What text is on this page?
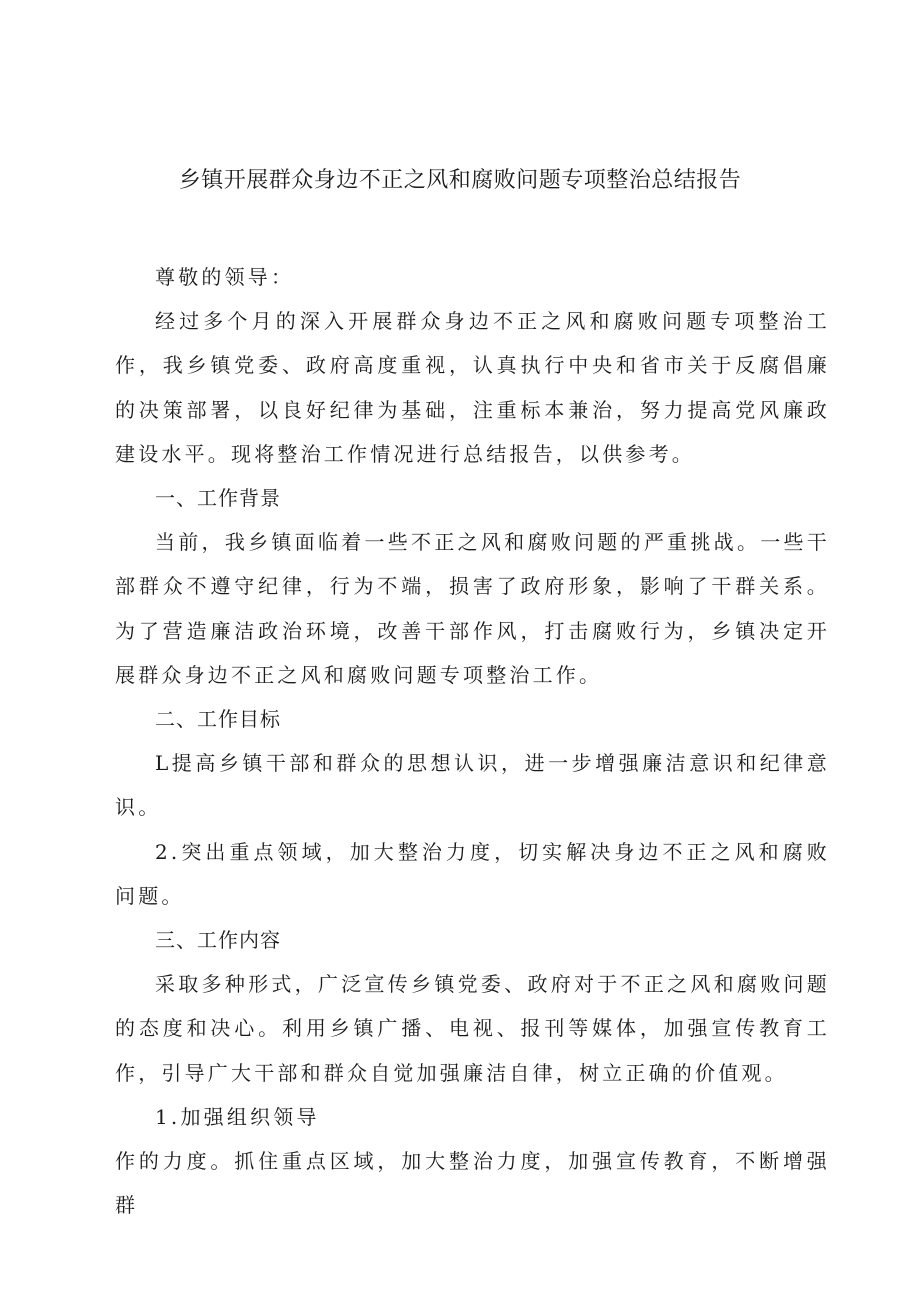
乡镇开展群众身边不正之风和腐败问题专项整治总结报告

尊敬的领导：

经过多个月的深入开展群众身边不正之风和腐败问题专项整治工作，我乡镇党委、政府高度重视，认真执行中央和省市关于反腐倡廉的决策部署，以良好纪律为基础，注重标本兼治，努力提高党风廉政建设水平。现将整治工作情况进行总结报告，以供参考。

一、工作背景

当前，我乡镇面临着一些不正之风和腐败问题的严重挑战。一些干部群众不遵守纪律，行为不端，损害了政府形象，影响了干群关系。为了营造廉洁政治环境，改善干部作风，打击腐败行为，乡镇决定开展群众身边不正之风和腐败问题专项整治工作。

二、工作目标

L提高乡镇干部和群众的思想认识，进一步增强廉洁意识和纪律意识。

2.突出重点领域，加大整治力度，切实解决身边不正之风和腐败问题。

三、工作内容

采取多种形式，广泛宣传乡镇党委、政府对于不正之风和腐败问题的态度和决心。利用乡镇广播、电视、报刊等媒体，加强宣传教育工作，引导广大干部和群众自觉加强廉洁自律，树立正确的价值观。

1.加强组织领导

作的力度。抓住重点区域，加大整治力度，加强宣传教育，不断增强群
